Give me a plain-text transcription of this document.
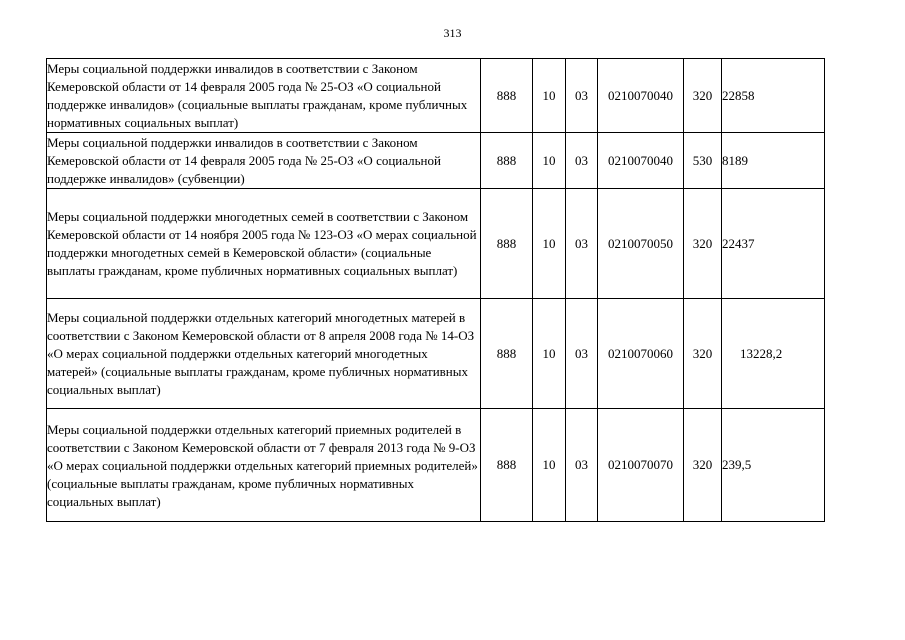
313
Меры социальной поддержки инвалидов в соответствии с Законом Кемеровской области от 14 февраля 2005 года № 25-ОЗ «О социальной поддержке инвалидов» (социальные выплаты гражданам, кроме публичных нормативных социальных выплат)	888	10	03	0210070040	320	22858

Меры социальной поддержки инвалидов в соответствии с Законом Кемеровской области от 14 февраля 2005 года № 25-ОЗ «О социальной поддержке инвалидов» (субвенции)	888	10	03	0210070040	530	8189

Меры социальной поддержки многодетных семей в соответствии с Законом Кемеровской области от 14 ноября 2005 года № 123-ОЗ «О мерах социальной поддержки многодетных семей в Кемеровской области» (социальные выплаты гражданам, кроме публичных нормативных социальных выплат)	888	10	03	0210070050	320	22437

Меры социальной поддержки отдельных категорий многодетных матерей в соответствии с Законом Кемеровской области от 8 апреля 2008 года № 14-ОЗ «О мерах социальной поддержки отдельных категорий многодетных матерей» (социальные выплаты гражданам, кроме публичных нормативных социальных выплат)	888	10	03	0210070060	320	13228,2

Меры социальной поддержки отдельных категорий приемных родителей в соответствии с Законом Кемеровской области от 7 февраля 2013 года № 9-ОЗ «О мерах социальной поддержки отдельных категорий приемных родителей» (социальные выплаты гражданам, кроме публичных нормативных социальных выплат)	888	10	03	0210070070	320	239,5
